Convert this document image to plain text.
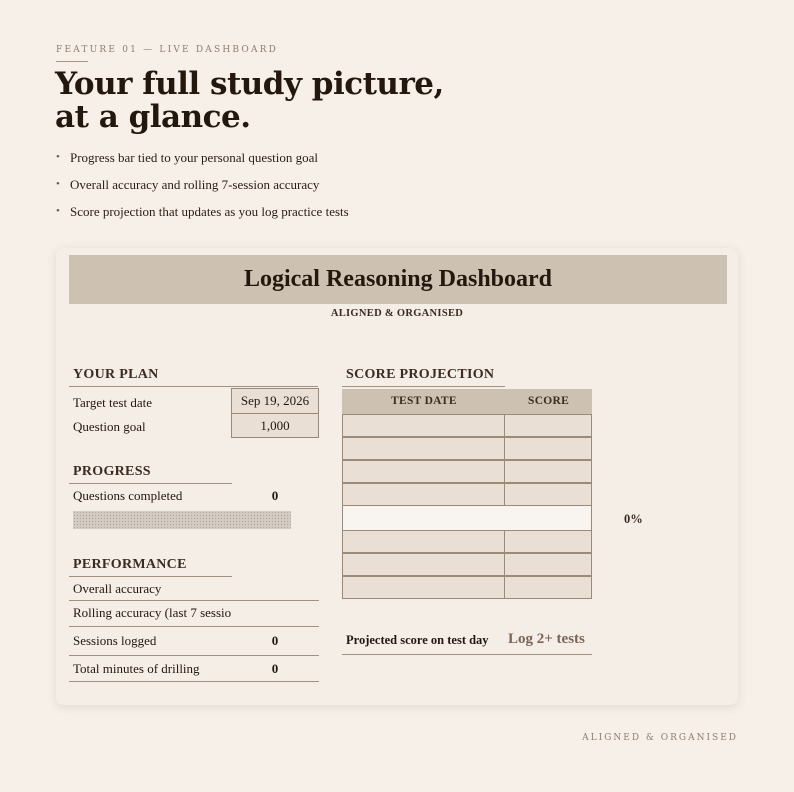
FEATURE 01 — LIVE DASHBOARD
Your full study picture,
at a glance.
• Progress bar tied to your personal question goal
• Overall accuracy and rolling 7-session accuracy
• Score projection that updates as you log practice tests
Logical Reasoning Dashboard
ALIGNED & ORGANISED
YOUR PLAN
Target test date	Sep 19, 2026
Question goal	1,000
PROGRESS
Questions completed	0
PERFORMANCE
Overall accuracy
Rolling accuracy (last 7 sessio
Sessions logged	0
Total minutes of drilling	0
SCORE PROJECTION
TEST DATE	SCORE
0%
Projected score on test day Log 2+ tests
ALIGNED & ORGANISED
